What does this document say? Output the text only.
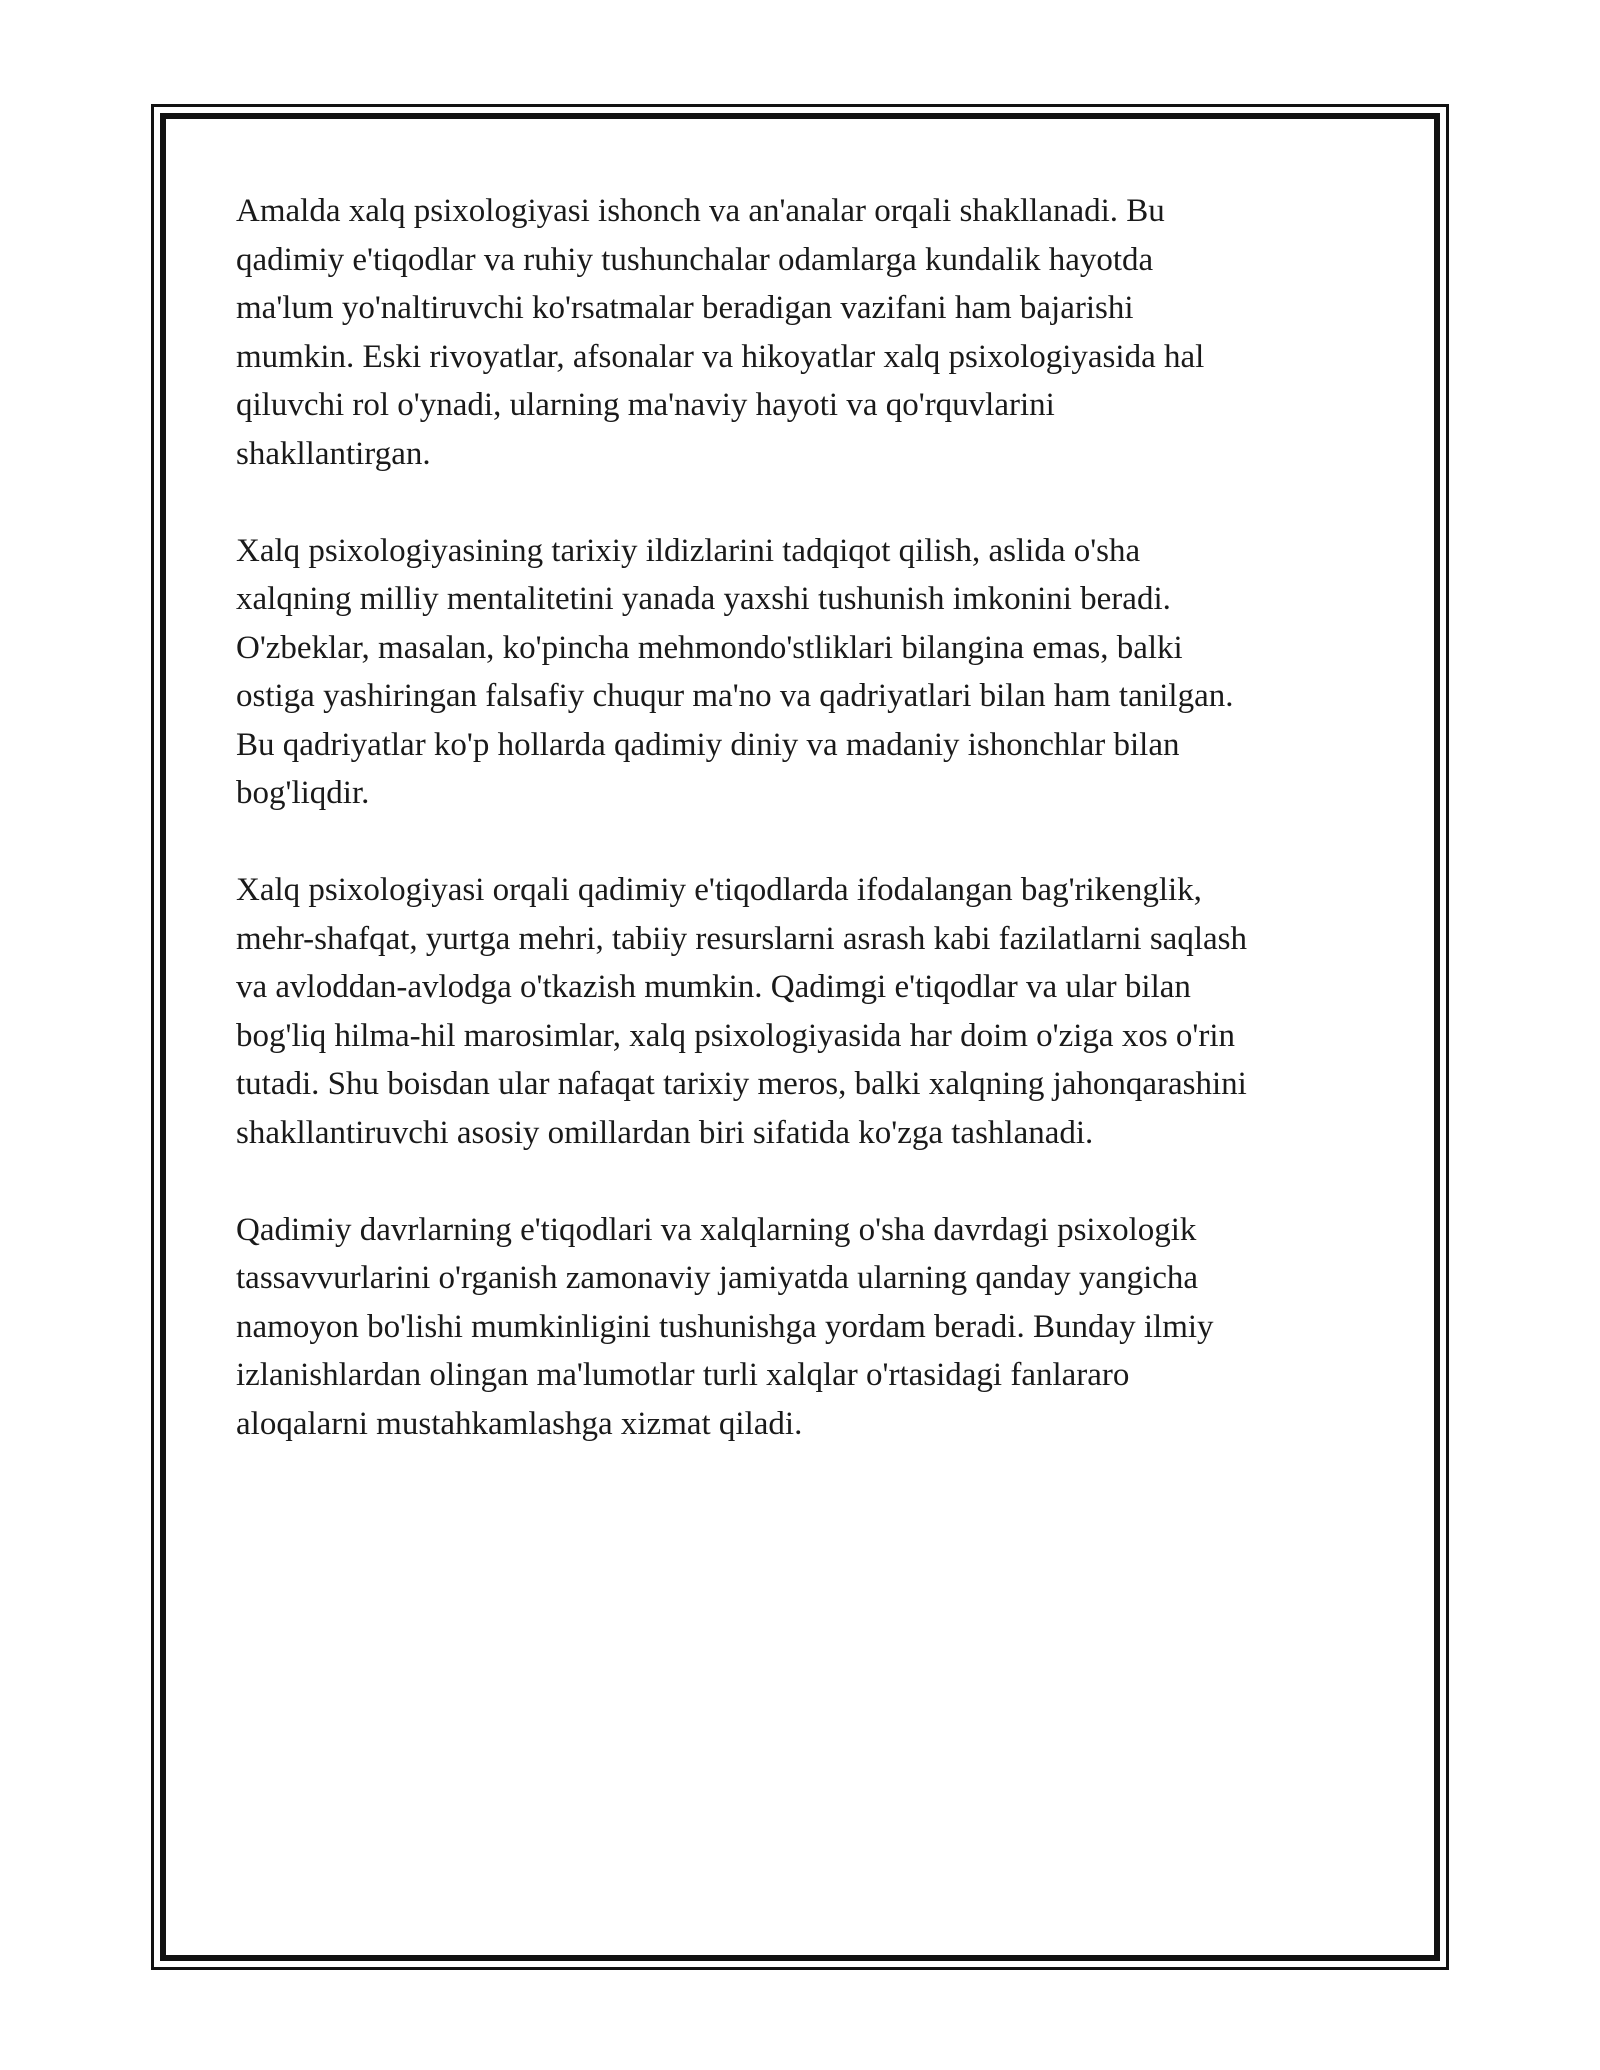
Amalda xalq psixologiyasi ishonch va an'analar orqali shakllanadi. Bu
qadimiy e'tiqodlar va ruhiy tushunchalar odamlarga kundalik hayotda
ma'lum yo'naltiruvchi ko'rsatmalar beradigan vazifani ham bajarishi
mumkin. Eski rivoyatlar, afsonalar va hikoyatlar xalq psixologiyasida hal
qiluvchi rol o'ynadi, ularning ma'naviy hayoti va qo'rquvlarini
shakllantirgan.

Xalq psixologiyasining tarixiy ildizlarini tadqiqot qilish, aslida o'sha
xalqning milliy mentalitetini yanada yaxshi tushunish imkonini beradi.
O'zbeklar, masalan, ko'pincha mehmondo'stliklari bilangina emas, balki
ostiga yashiringan falsafiy chuqur ma'no va qadriyatlari bilan ham tanilgan.
Bu qadriyatlar ko'p hollarda qadimiy diniy va madaniy ishonchlar bilan
bog'liqdir.

Xalq psixologiyasi orqali qadimiy e'tiqodlarda ifodalangan bag'rikenglik,
mehr-shafqat, yurtga mehri, tabiiy resurslarni asrash kabi fazilatlarni saqlash
va avloddan-avlodga o'tkazish mumkin. Qadimgi e'tiqodlar va ular bilan
bog'liq hilma-hil marosimlar, xalq psixologiyasida har doim o'ziga xos o'rin
tutadi. Shu boisdan ular nafaqat tarixiy meros, balki xalqning jahonqarashini
shakllantiruvchi asosiy omillardan biri sifatida ko'zga tashlanadi.

Qadimiy davrlarning e'tiqodlari va xalqlarning o'sha davrdagi psixologik
tassavvurlarini o'rganish zamonaviy jamiyatda ularning qanday yangicha
namoyon bo'lishi mumkinligini tushunishga yordam beradi. Bunday ilmiy
izlanishlardan olingan ma'lumotlar turli xalqlar o'rtasidagi fanlararo
aloqalarni mustahkamlashga xizmat qiladi.
